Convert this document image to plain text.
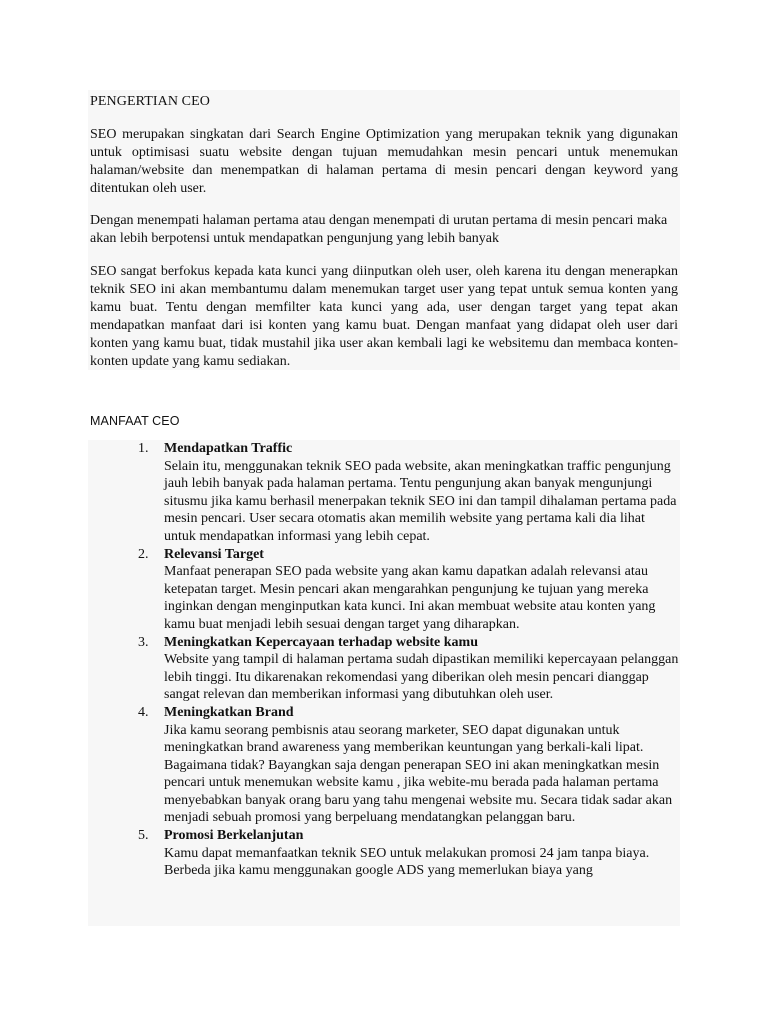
PENGERTIAN CEO
SEO merupakan singkatan dari Search Engine Optimization yang merupakan teknik yang digunakan untuk optimisasi suatu website dengan tujuan memudahkan mesin pencari untuk menemukan halaman/website dan menempatkan di halaman pertama di mesin pencari dengan keyword yang ditentukan oleh user.
Dengan menempati halaman pertama atau dengan menempati di urutan pertama di mesin pencari maka akan lebih berpotensi untuk mendapatkan pengunjung yang lebih banyak
SEO sangat berfokus kepada kata kunci yang diinputkan oleh user, oleh karena itu dengan menerapkan teknik SEO ini akan membantumu dalam menemukan target user yang tepat untuk semua konten yang kamu buat. Tentu dengan memfilter kata kunci yang ada, user dengan target yang tepat akan mendapatkan manfaat dari isi konten yang kamu buat. Dengan manfaat yang didapat oleh user dari konten yang kamu buat, tidak mustahil jika user akan kembali lagi ke websitemu dan membaca konten-konten update yang kamu sediakan.
MANFAAT CEO
1. Mendapatkan Traffic
Selain itu, menggunakan teknik SEO pada website, akan meningkatkan traffic pengunjung jauh lebih banyak pada halaman pertama. Tentu pengunjung akan banyak mengunjungi situsmu jika kamu berhasil menerpakan teknik SEO ini dan tampil dihalaman pertama pada mesin pencari. User secara otomatis akan memilih website yang pertama kali dia lihat untuk mendapatkan informasi yang lebih cepat.
2. Relevansi Target
Manfaat penerapan SEO pada website yang akan kamu dapatkan adalah relevansi atau ketepatan target. Mesin pencari akan mengarahkan pengunjung ke tujuan yang mereka inginkan dengan menginputkan kata kunci. Ini akan membuat website atau konten yang kamu buat menjadi lebih sesuai dengan target yang diharapkan.
3. Meningkatkan Kepercayaan terhadap website kamu
Website yang tampil di halaman pertama sudah dipastikan memiliki kepercayaan pelanggan lebih tinggi. Itu dikarenakan rekomendasi yang diberikan oleh mesin pencari dianggap sangat relevan dan memberikan informasi yang dibutuhkan oleh user.
4. Meningkatkan Brand
Jika kamu seorang pembisnis atau seorang marketer, SEO dapat digunakan untuk meningkatkan brand awareness yang memberikan keuntungan yang berkali-kali lipat. Bagaimana tidak? Bayangkan saja dengan penerapan SEO ini akan meningkatkan mesin pencari untuk menemukan website kamu , jika webite-mu berada pada halaman pertama menyebabkan banyak orang baru yang tahu mengenai website mu. Secara tidak sadar akan menjadi sebuah promosi yang berpeluang mendatangkan pelanggan baru.
5. Promosi Berkelanjutan
Kamu dapat memanfaatkan teknik SEO untuk melakukan promosi 24 jam tanpa biaya. Berbeda jika kamu menggunakan google ADS yang memerlukan biaya yang
